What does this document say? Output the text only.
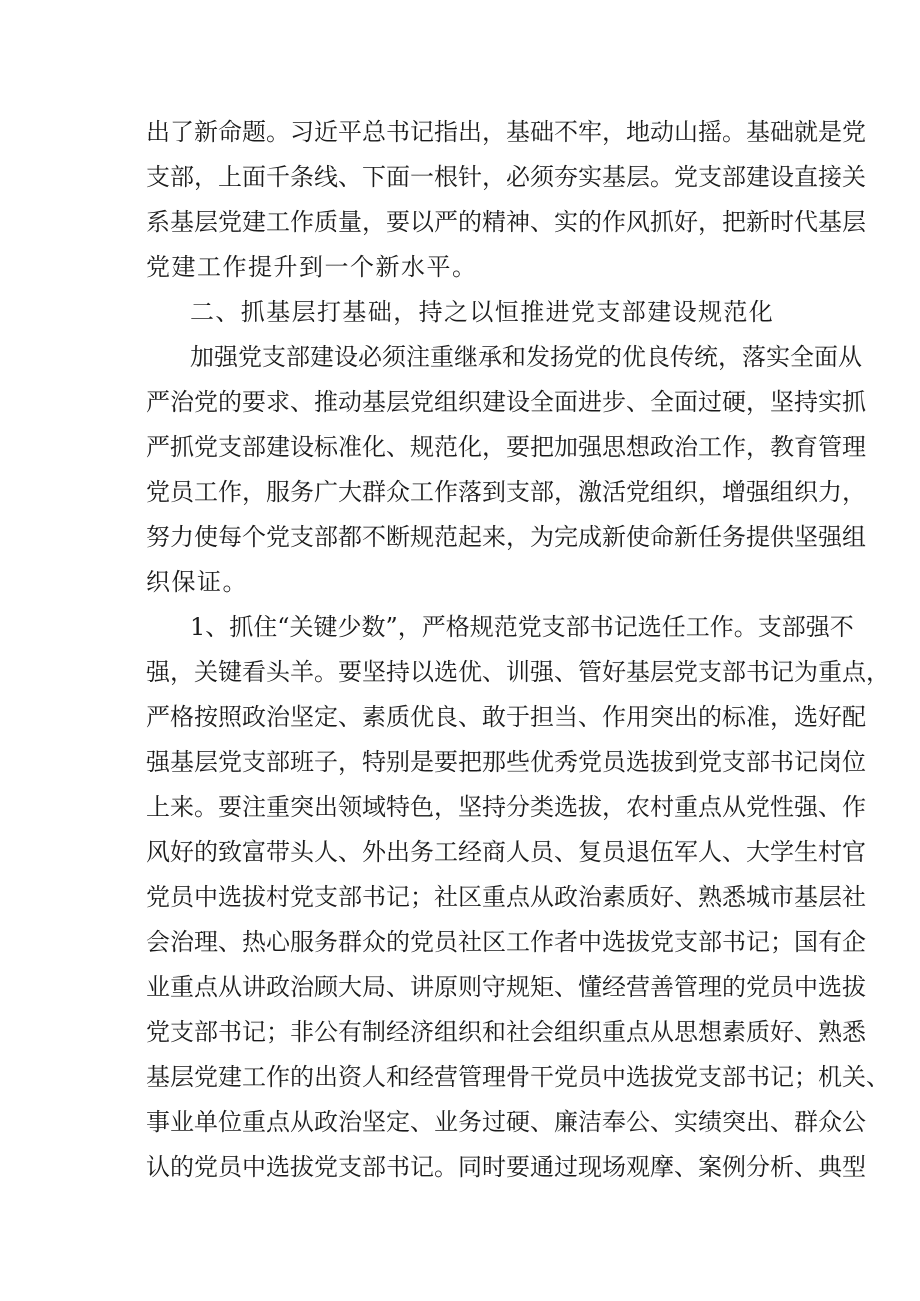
出了新命题。习近平总书记指出，基础不牢，地动山摇。基础就是党
支部，上面千条线、下面一根针，必须夯实基层。党支部建设直接关
系基层党建工作质量，要以严的精神、实的作风抓好，把新时代基层
党建工作提升到一个新水平。
二、抓基层打基础，持之以恒推进党支部建设规范化
加强党支部建设必须注重继承和发扬党的优良传统，落实全面从
严治党的要求、推动基层党组织建设全面进步、全面过硬，坚持实抓
严抓党支部建设标准化、规范化，要把加强思想政治工作，教育管理
党员工作，服务广大群众工作落到支部，激活党组织，增强组织力，
努力使每个党支部都不断规范起来，为完成新使命新任务提供坚强组
织保证。
1、抓住“关键少数”，严格规范党支部书记选任工作。支部强不
强，关键看头羊。要坚持以选优、训强、管好基层党支部书记为重点，
严格按照政治坚定、素质优良、敢于担当、作用突出的标准，选好配
强基层党支部班子，特别是要把那些优秀党员选拔到党支部书记岗位
上来。要注重突出领域特色，坚持分类选拔，农村重点从党性强、作
风好的致富带头人、外出务工经商人员、复员退伍军人、大学生村官
党员中选拔村党支部书记；社区重点从政治素质好、熟悉城市基层社
会治理、热心服务群众的党员社区工作者中选拔党支部书记；国有企
业重点从讲政治顾大局、讲原则守规矩、懂经营善管理的党员中选拔
党支部书记；非公有制经济组织和社会组织重点从思想素质好、熟悉
基层党建工作的出资人和经营管理骨干党员中选拔党支部书记；机关、
事业单位重点从政治坚定、业务过硬、廉洁奉公、实绩突出、群众公
认的党员中选拔党支部书记。同时要通过现场观摩、案例分析、典型
